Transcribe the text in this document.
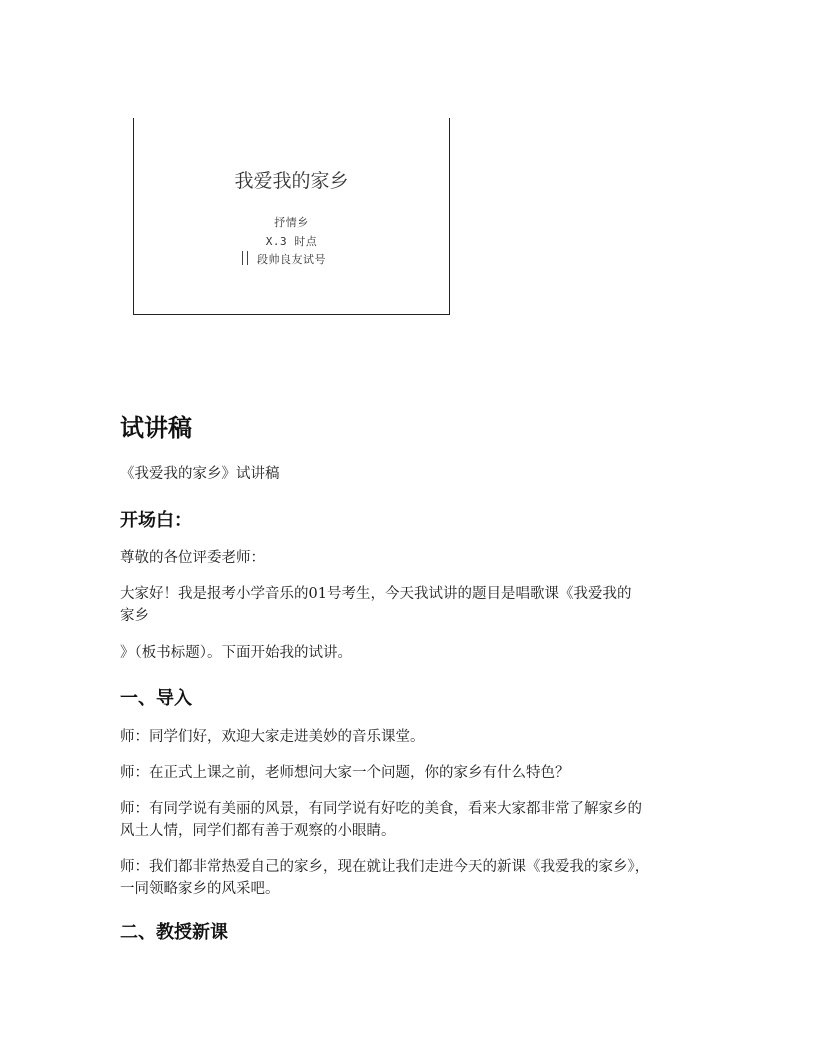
我爱我的家乡
抒情乡
X.3 时点
段帅良友试号
试讲稿
《我爱我的家乡》试讲稿
开场白：
尊敬的各位评委老师：
大家好！我是报考小学音乐的01号考生，今天我试讲的题目是唱歌课《我爱我的
家乡
》（板书标题）。下面开始我的试讲。
一、导入
师：同学们好，欢迎大家走进美妙的音乐课堂。
师：在正式上课之前，老师想问大家一个问题，你的家乡有什么特色？
师：有同学说有美丽的风景，有同学说有好吃的美食，看来大家都非常了解家乡的
风土人情，同学们都有善于观察的小眼睛。
师：我们都非常热爱自己的家乡，现在就让我们走进今天的新课《我爱我的家乡》，
一同领略家乡的风采吧。
二、教授新课
